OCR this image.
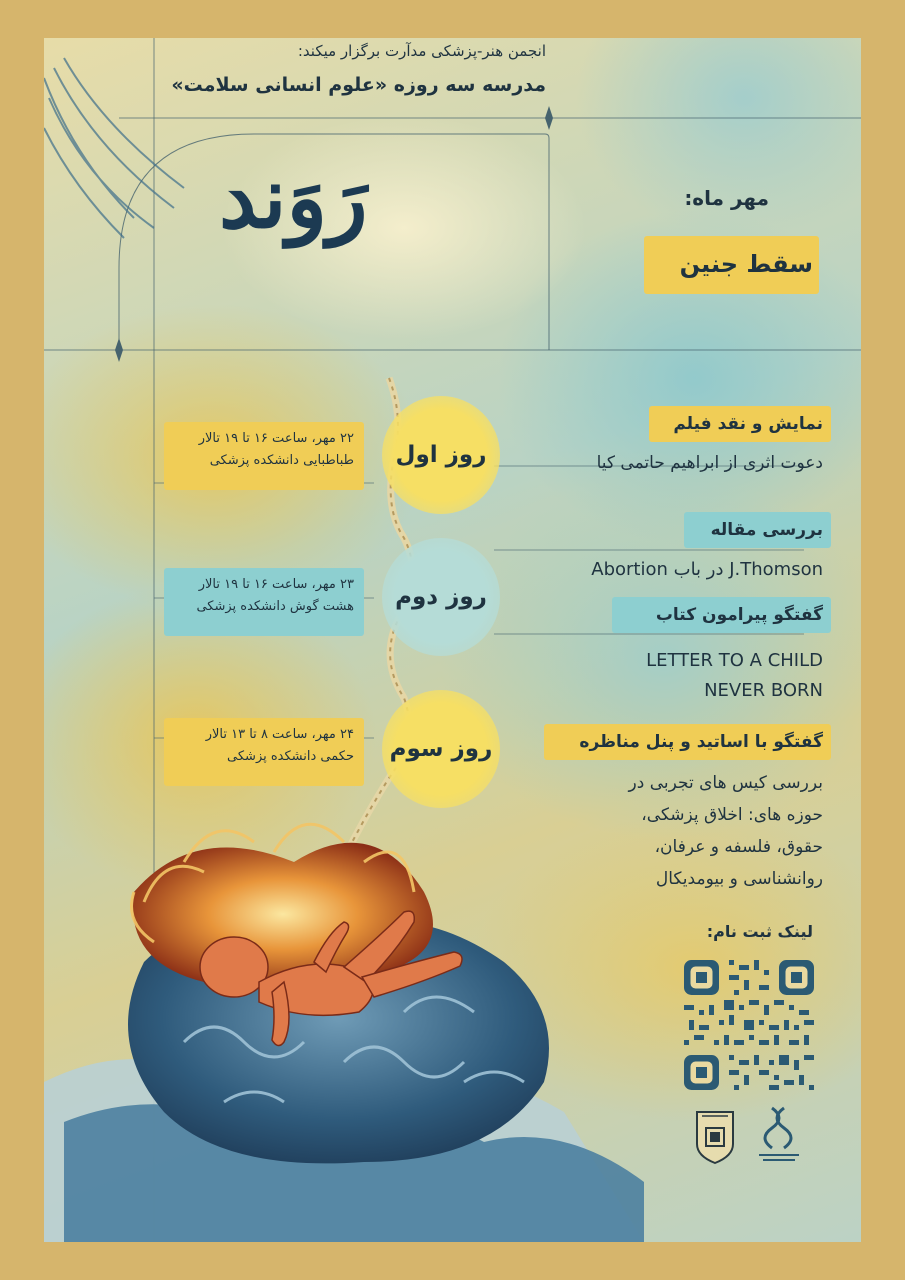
انجمن هنر-پزشکی مدآرت برگزار میکند:
مدرسه سه روزه «علوم انسانی سلامت»
رَوَند	مهر ماه:
سقط جنین
روز اول
روز دوم
روز سوم
۲۲ مهر، ساعت ۱۶ تا ۱۹ تالار
طباطبایی دانشکده پزشکی
۲۳ مهر، ساعت ۱۶ تا ۱۹ تالار
هشت گوش دانشکده پزشکی
۲۴ مهر، ساعت ۸ تا ۱۳ تالار
حکمی دانشکده پزشکی
نمایش و نقد فیلم
دعوت اثری از ابراهیم حاتمی کیا
بررسی مقاله
J.Thomson در باب Abortion
گفتگو پیرامون کتاب
LETTER TO A CHILD
NEVER BORN
گفتگو با اساتید و پنل مناظره
بررسی کیس های تجربی در
حوزه های: اخلاق پزشکی،
حقوق، فلسفه و عرفان،
روانشناسی و بیومدیکال
لینک ثبت نام:
